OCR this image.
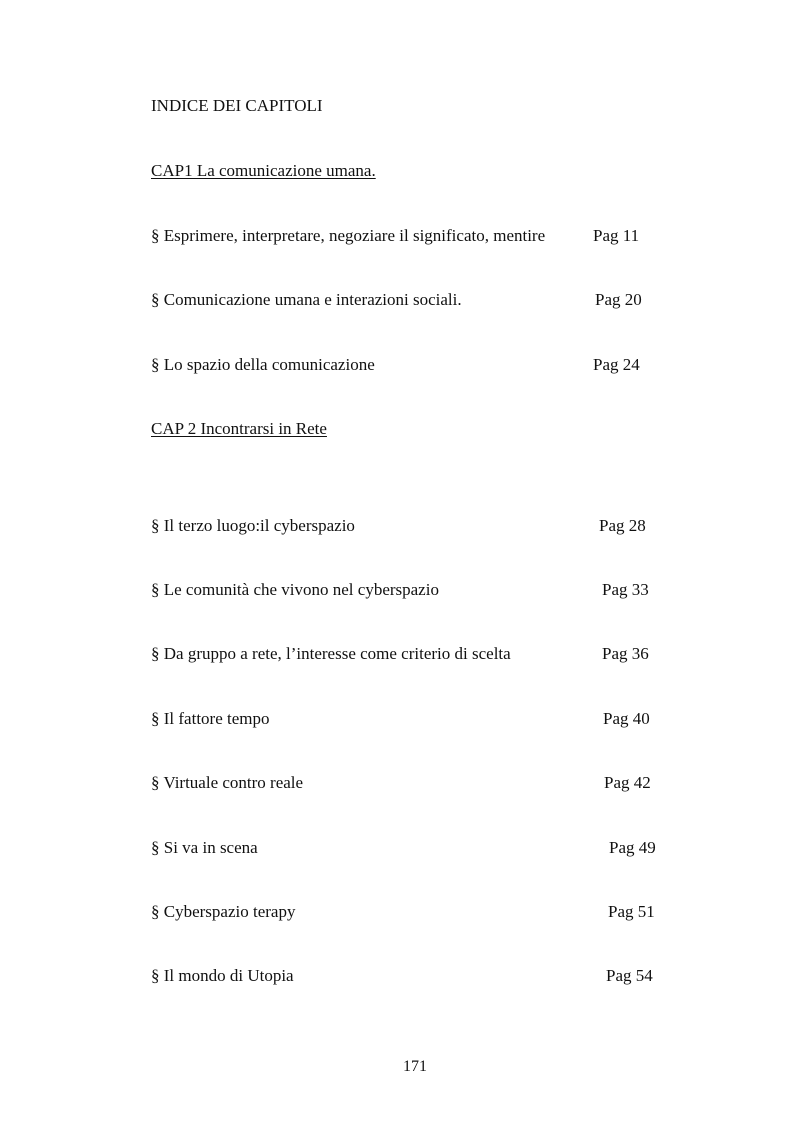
INDICE DEI CAPITOLI
CAP1 La comunicazione umana.
§ Esprimere, interpretare, negoziare il significato, mentire	Pag 11
§ Comunicazione umana e interazioni sociali.	Pag 20
§ Lo spazio della comunicazione	Pag 24
CAP 2 Incontrarsi in Rete
§ Il terzo luogo:il cyberspazio	Pag 28
§ Le comunità che vivono nel cyberspazio	Pag 33
§ Da gruppo a rete, l’interesse come criterio di scelta	Pag 36
§ Il fattore tempo	Pag 40
§ Virtuale contro reale	Pag 42
§ Si va in scena	Pag 49
§ Cyberspazio terapy	Pag 51
§ Il mondo di Utopia	Pag 54
171
